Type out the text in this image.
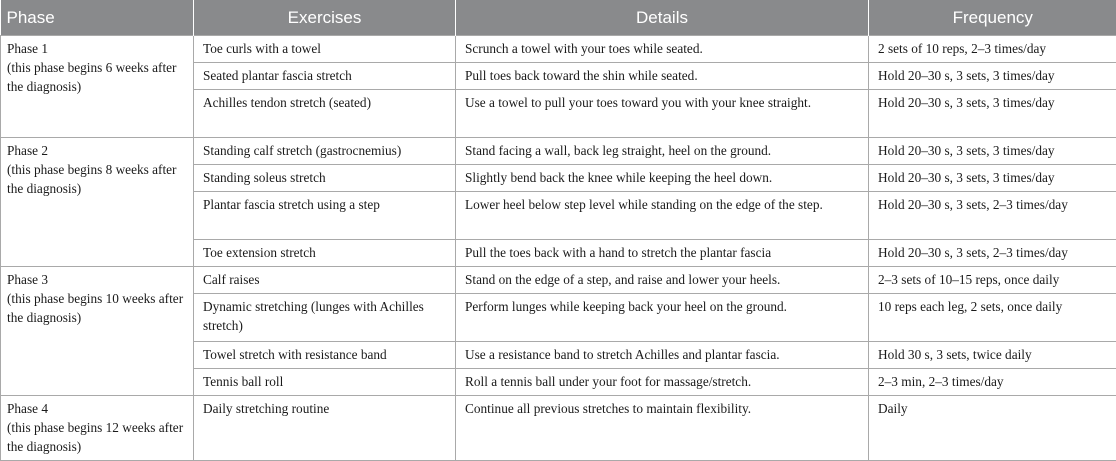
Phase	Exercises	Details	Frequency

Phase 1
(this phase begins 6 weeks after the diagnosis)	Toe curls with a towel	Scrunch a towel with your toes while seated.	2 sets of 10 reps, 2–3 times/day
	Seated plantar fascia stretch	Pull toes back toward the shin while seated.	Hold 20–30 s, 3 sets, 3 times/day
	Achilles tendon stretch (seated)	Use a towel to pull your toes toward you with your knee straight.	Hold 20–30 s, 3 sets, 3 times/day

Phase 2
(this phase begins 8 weeks after the diagnosis)	Standing calf stretch (gastrocnemius)	Stand facing a wall, back leg straight, heel on the ground.	Hold 20–30 s, 3 sets, 3 times/day
	Standing soleus stretch	Slightly bend back the knee while keeping the heel down.	Hold 20–30 s, 3 sets, 3 times/day
	Plantar fascia stretch using a step	Lower heel below step level while standing on the edge of the step.	Hold 20–30 s, 3 sets, 2–3 times/day
	Toe extension stretch	Pull the toes back with a hand to stretch the plantar fascia	Hold 20–30 s, 3 sets, 2–3 times/day

Phase 3
(this phase begins 10 weeks after the diagnosis)	Calf raises	Stand on the edge of a step, and raise and lower your heels.	2–3 sets of 10–15 reps, once daily
	Dynamic stretching (lunges with Achilles stretch)	Perform lunges while keeping back your heel on the ground.	10 reps each leg, 2 sets, once daily
	Towel stretch with resistance band	Use a resistance band to stretch Achilles and plantar fascia.	Hold 30 s, 3 sets, twice daily
	Tennis ball roll	Roll a tennis ball under your foot for massage/stretch.	2–3 min, 2–3 times/day

Phase 4
(this phase begins 12 weeks after the diagnosis)	Daily stretching routine	Continue all previous stretches to maintain flexibility.	Daily
